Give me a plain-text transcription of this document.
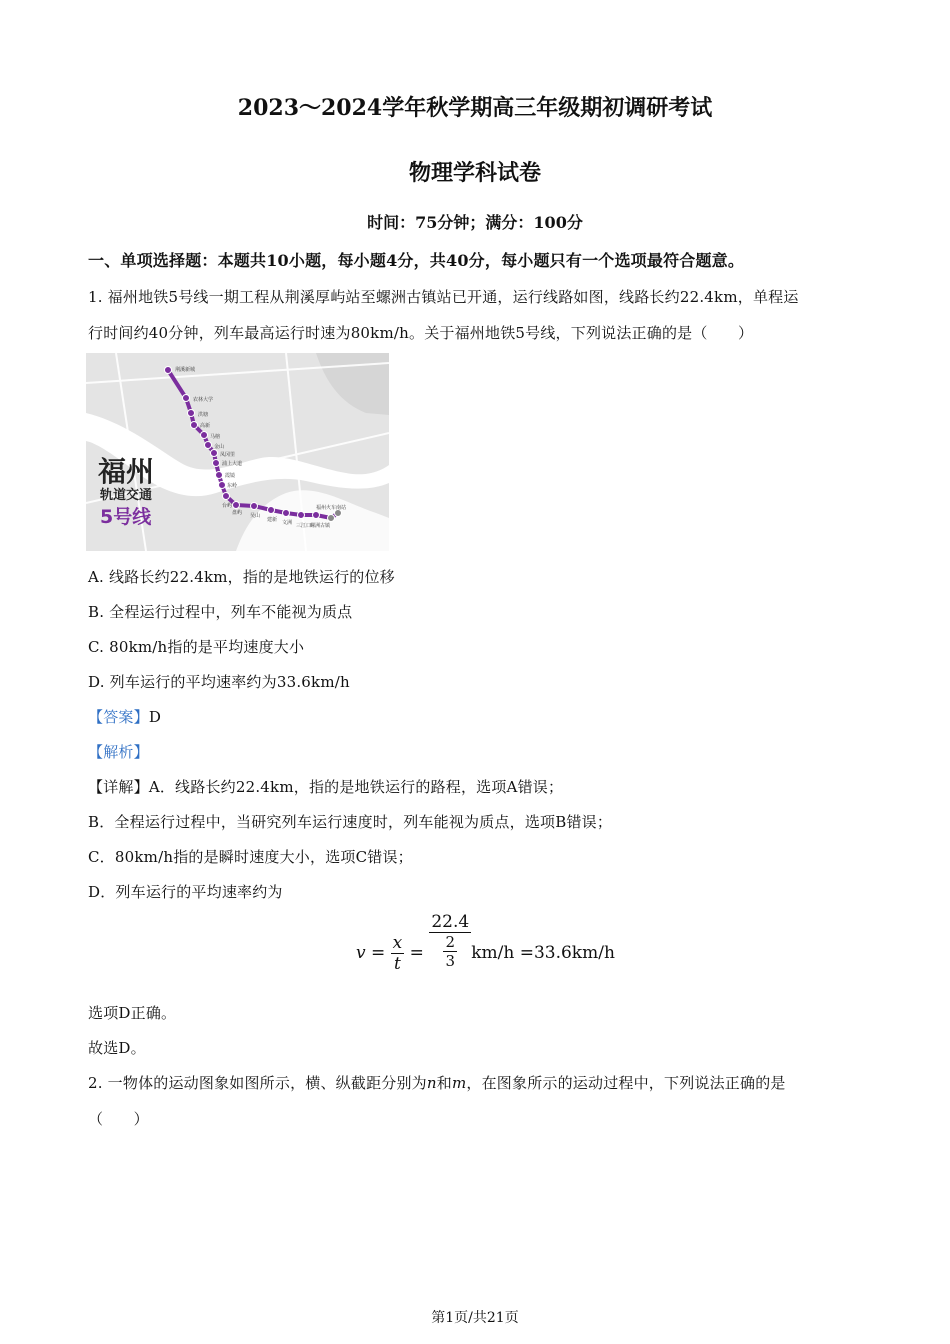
2023～2024学年秋学期高三年级期初调研考试
物理学科试卷
时间：75分钟；满分：100分
一、单项选择题：本题共10小题，每小题4分，共40分，每小题只有一个选项最符合题意。
1. 福州地铁5号线一期工程从荆溪厚屿站至螺洲古镇站已开通，运行线路如图，线路长约22.4km，单程运
行时间约40分钟，列车最高运行时速为80km/h。关于福州地铁5号线，下列说法正确的是（　　）
荆溪新城
农林大学
洪塘
高新
马榕
金山
凤冈里
浦上大道
霞镜
东岭
台屿
盘屿 吴山
建新
螺洲古镇
福州火车南站
文洲 三江口
福州
轨道交通
5号线
A. 线路长约22.4km，指的是地铁运行的位移
B. 全程运行过程中，列车不能视为质点
C. 80km/h指的是平均速度大小
D. 列车运行的平均速率约为33.6km/h
【答案】D
【解析】
【详解】A．线路长约22.4km，指的是地铁运行的路程，选项A错误；
B．全程运行过程中，当研究列车运行速度时，列车能视为质点，选项B错误；
C．80km/h指的是瞬时速度大小，选项C错误；
D．列车运行的平均速率约为
$v = \frac{x}{t} = \frac{22.4}{\frac{2}{3}} km/h =33.6km/h$
选项D正确。
故选D。
2. 一物体的运动图象如图所示，横、纵截距分别为n和m，在图象所示的运动过程中，下列说法正确的是
（　　）
第1页/共21页
